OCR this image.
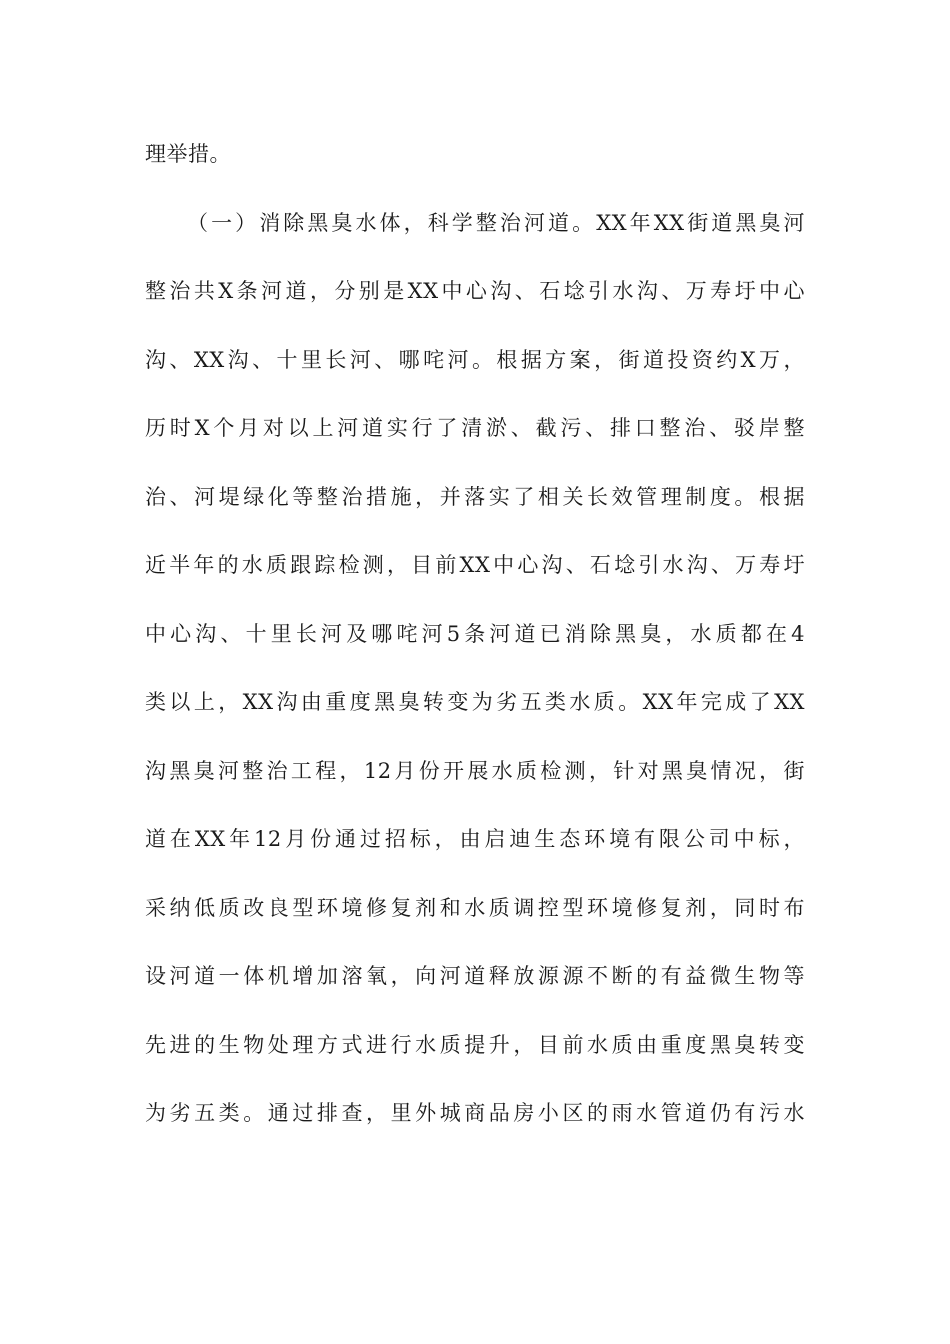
理举措。
（一）消除黑臭水体，科学整治河道。XX年XX街道黑臭河
整治共X条河道，分别是XX中心沟、石埝引水沟、万寿圩中心
沟、XX沟、十里长河、哪咤河。根据方案，街道投资约X万，
历时X个月对以上河道实行了清淤、截污、排口整治、驳岸整
治、河堤绿化等整治措施，并落实了相关长效管理制度。根据
近半年的水质跟踪检测，目前XX中心沟、石埝引水沟、万寿圩
中心沟、十里长河及哪咤河5条河道已消除黑臭，水质都在4
类以上，XX沟由重度黑臭转变为劣五类水质。XX年完成了XX
沟黑臭河整治工程，12月份开展水质检测，针对黑臭情况，街
道在XX年12月份通过招标，由启迪生态环境有限公司中标，
采纳低质改良型环境修复剂和水质调控型环境修复剂，同时布
设河道一体机增加溶氧，向河道释放源源不断的有益微生物等
先进的生物处理方式进行水质提升，目前水质由重度黑臭转变
为劣五类。通过排查，里外城商品房小区的雨水管道仍有污水
